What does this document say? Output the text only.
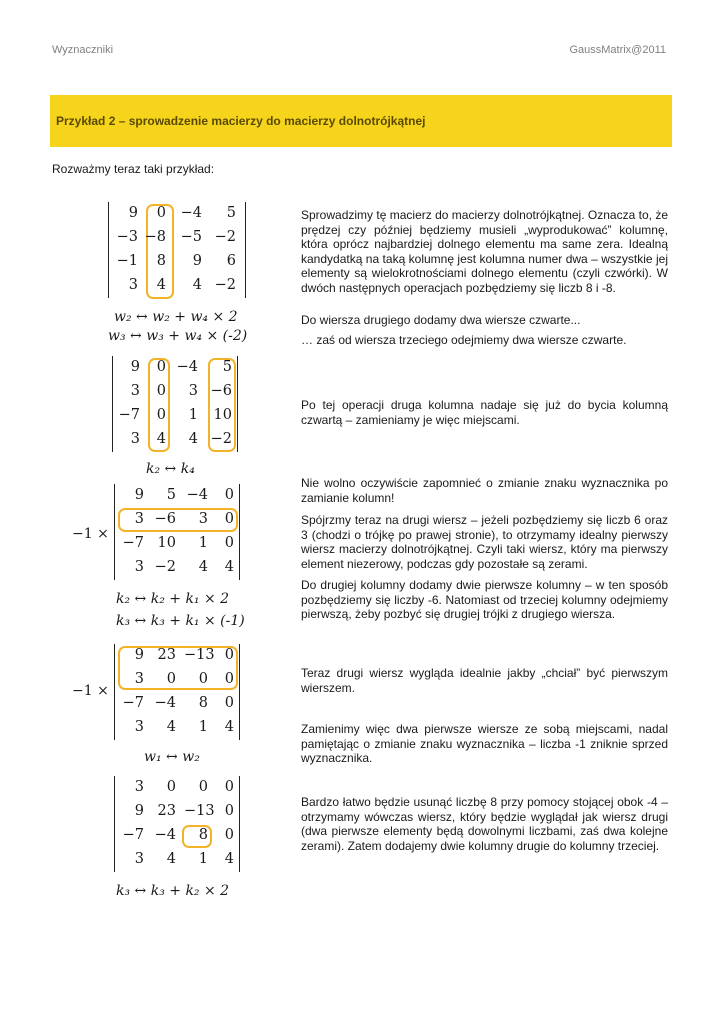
Wyznaczniki	GaussMatrix@2011
Przykład 2 – sprowadzenie macierzy do macierzy dolnotrójkątnej
Rozważmy teraz taki przykład:
9	0 −4	5
−3 −8 −5 −2
−1	8	9	6
3	4	4 −2
w₂ ↔ w₂ + w₄ × 2
w₃ ↔ w₃ + w₄ × (-2)
9	0 −4	5
3	0	3 −6
−7	0	1	10
3	4	4 −2
k₂ ↔ k₄
−1 ×
9	5 −4	0
3 −6	3	0
−7 10	1	0
3 −2	4	4
k₂ ↔ k₂ + k₁ × 2
k₃ ↔ k₃ + k₁ × (-1)
−1 ×
9 23 −13 0
3	0	0	0
−7 −4	8	0
3	4	1	4
w₁ ↔ w₂
3	0	0	0
9 23 −13 0
−7 −4	8	0
3	4	1	4
k₃ ↔ k₃ + k₂ × 2

Sprowadzimy tę macierz do macierzy dolnotrójkątnej. Oznacza to, że prędzej czy później będziemy musieli „wyprodukować” kolumnę, która oprócz najbardziej dolnego elementu ma same zera. Idealną kandydatką na taką kolumnę jest kolumna numer dwa – wszystkie jej elementy są wielokrotnościami dolnego elementu (czyli czwórki). W dwóch następnych operacjach pozbędziemy się liczb 8 i -8.

Do wiersza drugiego dodamy dwa wiersze czwarte...

… zaś od wiersza trzeciego odejmiemy dwa wiersze czwarte.

Po tej operacji druga kolumna nadaje się już do bycia kolumną czwartą – zamieniamy je więc miejscami.

Nie wolno oczywiście zapomnieć o zmianie znaku wyznacznika po zamianie kolumn!

Spójrzmy teraz na drugi wiersz – jeżeli pozbędziemy się liczb 6 oraz 3 (chodzi o trójkę po prawej stronie), to otrzymamy idealny pierwszy wiersz macierzy dolnotrójkątnej. Czyli taki wiersz, który ma pierwszy element niezerowy, podczas gdy pozostałe są zerami.

Do drugiej kolumny dodamy dwie pierwsze kolumny – w ten sposób pozbędziemy się liczby -6. Natomiast od trzeciej kolumny odejmiemy pierwszą, żeby pozbyć się drugiej trójki z drugiego wiersza.

Teraz drugi wiersz wygląda idealnie jakby „chciał” być pierwszym wierszem.

Zamienimy więc dwa pierwsze wiersze ze sobą miejscami, nadal pamiętając o zmianie znaku wyznacznika – liczba -1 zniknie sprzed wyznacznika.

Bardzo łatwo będzie usunąć liczbę 8 przy pomocy stojącej obok -4 – otrzymamy wówczas wiersz, który będzie wyglądał jak wiersz drugi (dwa pierwsze elementy będą dowolnymi liczbami, zaś dwa kolejne zerami). Zatem dodajemy dwie kolumny drugie do kolumny trzeciej.
